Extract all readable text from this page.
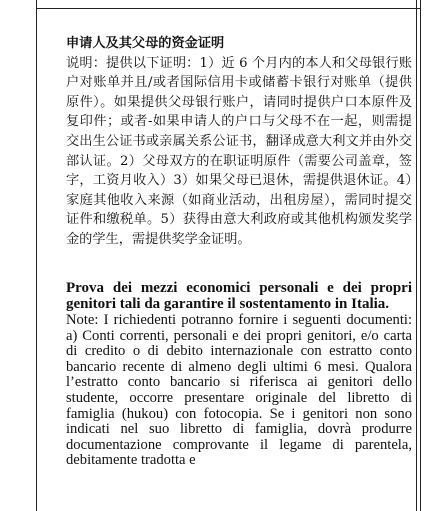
申请人及其父母的资金证明
说明：提供以下证明：1）近 6 个月内的本人和父母银行账户对账单并且/或者国际信用卡或储蓄卡银行对账单（提供原件）。如果提供父母银行账户，请同时提供户口本原件及复印件；或者-如果申请人的户口与父母不在一起，则需提交出生公证书或亲属关系公证书，翻译成意大利文并由外交部认证。2）父母双方的在职证明原件（需要公司盖章，签字，工资月收入）3）如果父母已退休，需提供退休证。4）家庭其他收入来源（如商业活动，出租房屋），需同时提交证件和缴税单。5）获得由意大利政府或其他机构颁发奖学金的学生，需提供奖学金证明。
Prova dei mezzi economici personali e dei propri genitori tali da garantire il sostentamento in Italia.
Note: I richiedenti potranno fornire i seguenti documenti: a) Conti correnti, personali e dei propri genitori, e/o carta di credito o di debito internazionale con estratto conto bancario recente di almeno degli ultimi 6 mesi. Qualora l’estratto conto bancario si riferisca ai genitori dello studente, occorre presentare originale del libretto di famiglia (hukou) con fotocopia. Se i genitori non sono indicati nel suo libretto di famiglia, dovrà produrre documentazione comprovante il legame di parentela, debitamente tradotta e
